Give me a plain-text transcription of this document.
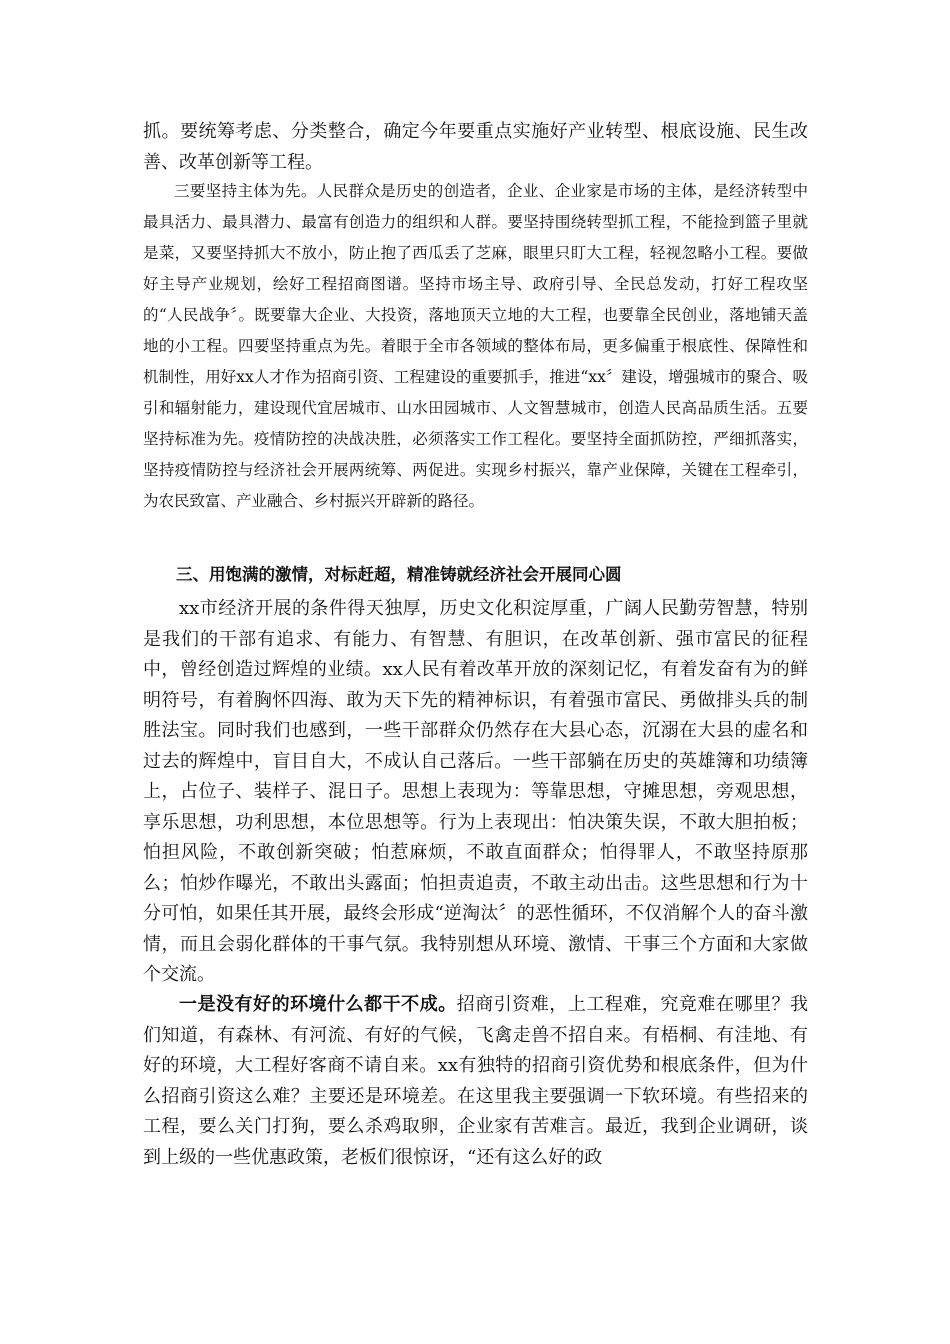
抓。要统筹考虑、分类整合，确定今年要重点实施好产业转型、根底设施、民生改善、改革创新等工程。

三要坚持主体为先。人民群众是历史的创造者，企业、企业家是市场的主体，是经济转型中最具活力、最具潜力、最富有创造力的组织和人群。要坚持围绕转型抓工程，不能捡到篮子里就是菜，又要坚持抓大不放小，防止抱了西瓜丢了芝麻，眼里只盯大工程，轻视忽略小工程。要做好主导产业规划，绘好工程招商图谱。坚持市场主导、政府引导、全民总发动，打好工程攻坚的“人民战争〞。既要靠大企业、大投资，落地顶天立地的大工程，也要靠全民创业，落地铺天盖地的小工程。四要坚持重点为先。着眼于全市各领域的整体布局，更多偏重于根底性、保障性和机制性，用好xx人才作为招商引资、工程建设的重要抓手，推进“xx〞建设，增强城市的聚合、吸引和辐射能力，建设现代宜居城市、山水田园城市、人文智慧城市，创造人民高品质生活。五要坚持标准为先。疫情防控的决战决胜，必须落实工作工程化。要坚持全面抓防控，严细抓落实，坚持疫情防控与经济社会开展两统筹、两促进。实现乡村振兴，靠产业保障，关键在工程牵引，为农民致富、产业融合、乡村振兴开辟新的路径。

三、用饱满的激情，对标赶超，精准铸就经济社会开展同心圆

xx市经济开展的条件得天独厚，历史文化积淀厚重，广阔人民勤劳智慧，特别是我们的干部有追求、有能力、有智慧、有胆识，在改革创新、强市富民的征程中，曾经创造过辉煌的业绩。xx人民有着改革开放的深刻记忆，有着发奋有为的鲜明符号，有着胸怀四海、敢为天下先的精神标识，有着强市富民、勇做排头兵的制胜法宝。同时我们也感到，一些干部群众仍然存在大县心态，沉溺在大县的虚名和过去的辉煌中，盲目自大，不成认自己落后。一些干部躺在历史的英雄簿和功绩簿上，占位子、装样子、混日子。思想上表现为：等靠思想，守摊思想，旁观思想，享乐思想，功利思想，本位思想等。行为上表现出：怕决策失误，不敢大胆拍板；怕担风险，不敢创新突破；怕惹麻烦，不敢直面群众；怕得罪人，不敢坚持原那么；怕炒作曝光，不敢出头露面；怕担责追责，不敢主动出击。这些思想和行为十分可怕，如果任其开展，最终会形成“逆淘汰〞的恶性循环，不仅消解个人的奋斗激情，而且会弱化群体的干事气氛。我特别想从环境、激情、干事三个方面和大家做个交流。

一是没有好的环境什么都干不成。招商引资难，上工程难，究竟难在哪里？我们知道，有森林、有河流、有好的气候，飞禽走兽不招自来。有梧桐、有洼地、有好的环境，大工程好客商不请自来。xx有独特的招商引资优势和根底条件，但为什么招商引资这么难？主要还是环境差。在这里我主要强调一下软环境。有些招来的工程，要么关门打狗，要么杀鸡取卵，企业家有苦难言。最近，我到企业调研，谈到上级的一些优惠政策，老板们很惊讶，“还有这么好的政
